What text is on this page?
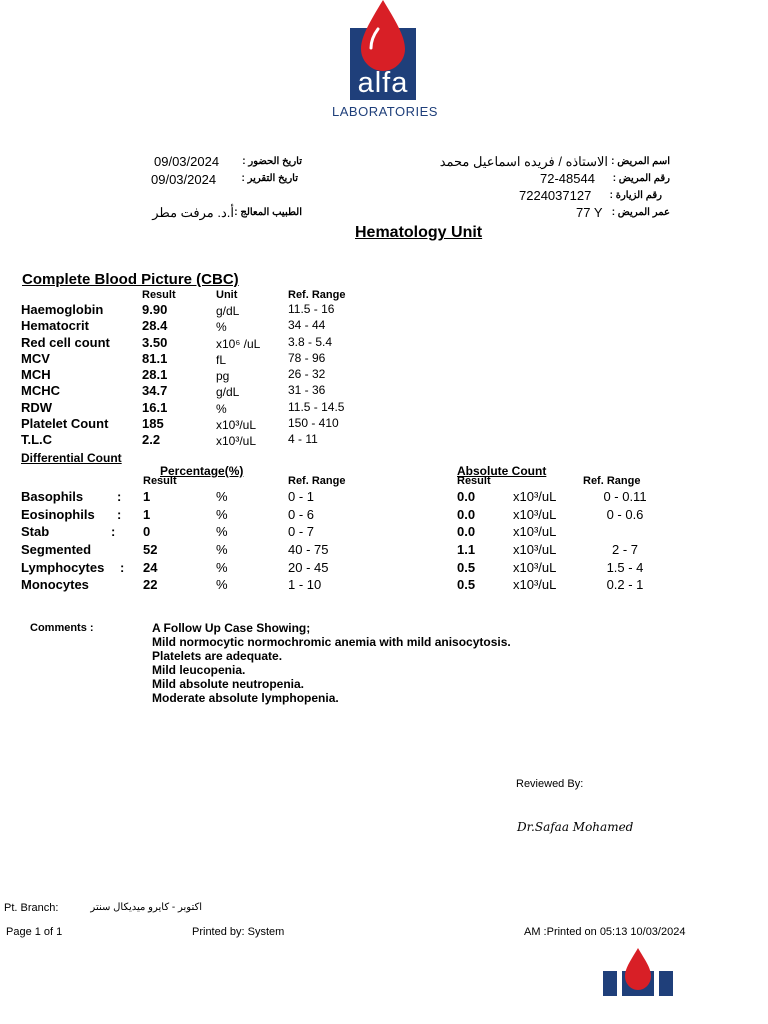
alfa
LABORATORIES
09/03/2024	تاريخ الحضور :
09/03/2024	تاريخ التقرير :
أ.د. مرفت مطر الطبيب المعالج :
الاستاذه / فريده اسماعيل محمد اسم المريض :
72-48544 رقم المريض :
7224037127	رقم الزيارة :
77 Y عمر المريض :
Hematology Unit
Complete Blood Picture (CBC)
Result	Unit	Ref. Range
Haemoglobin	9.90	g/dL	11.5 - 16
Hematocrit	28.4	%	34 - 44
Red cell count 3.50	x10⁶ /uL 3.8 - 5.4
MCV	81.1	fL	78 - 96
MCH	28.1	pg	26 - 32
MCHC	34.7	g/dL	31 - 36
RDW	16.1	%	11.5 - 14.5
Platelet Count	185	x10³/uL	150 - 410
T.L.C	2.2	x10³/uL	4 - 11
Differential Count
Percentage(%)	Absolute Count
Result	Ref. Range	Result	Ref. Range
Basophils	: 1	%	0 - 1	0.0	x10³/uL	0 - 0.11
Eosinophils : 1	%	0 - 6	0.0	x10³/uL	0 - 0.6
Stab	: 0	%	0 - 7	0.0	x10³/uL
Segmented	52	%	40 - 75	1.1	x10³/uL	2 - 7
Lymphocytes : 24	%	20 - 45	0.5	x10³/uL	1.5 - 4
Monocytes	22	%	1 - 10	0.5	x10³/uL	0.2 - 1
Comments :	A Follow Up Case Showing;
Mild normocytic normochromic anemia with mild anisocytosis.
Platelets are adequate.
Mild leucopenia.
Mild absolute neutropenia.
Moderate absolute lymphopenia.
Reviewed By:
Dr.Safaa Mohamed
Pt. Branch:	اكتوبر - كايرو ميديكال سنتر
Page 1 of 1	Printed by: System	AM :Printed on 05:13 10/03/2024
